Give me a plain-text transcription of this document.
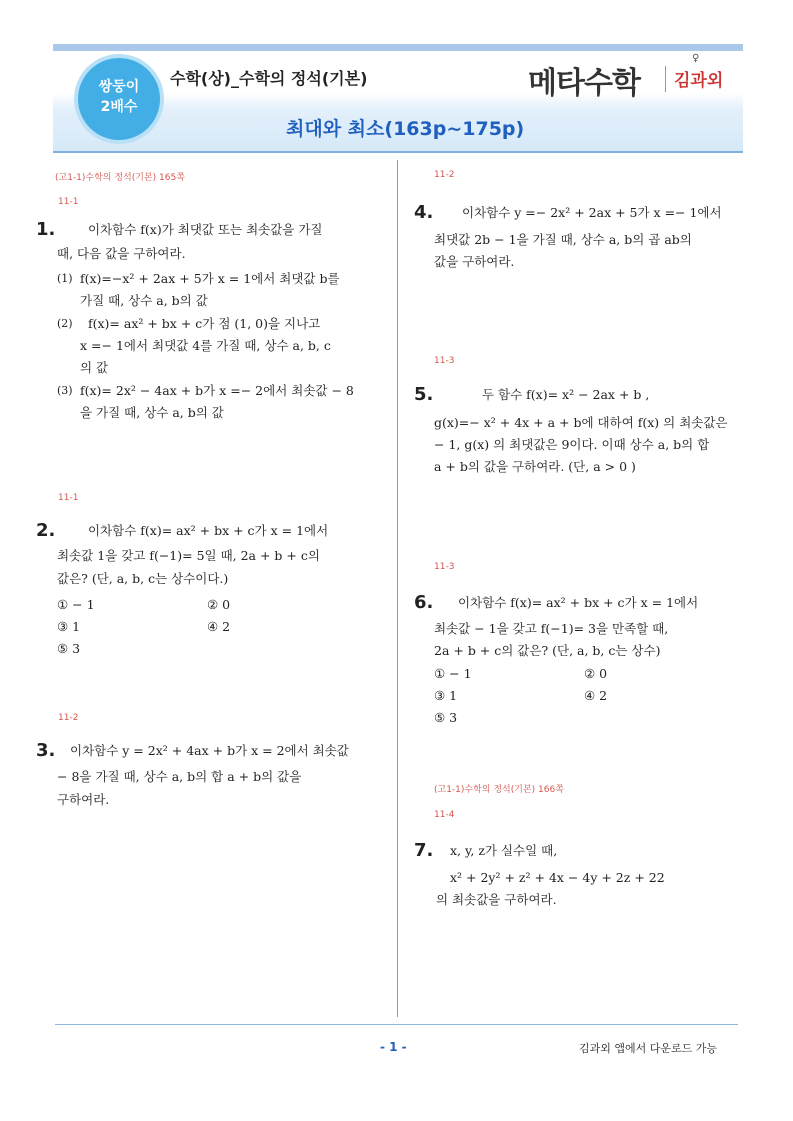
쌍둥이
2배수
수학(상)_수학의 정석(기본)	메타수학
♀
김과외
최대와 최소(163p~175p)
(고1-1)수학의 정석(기본) 165쪽
11-1
1.	이차함수 f(x)가 최댓값 또는 최솟값을 가질
때, 다음 값을 구하여라.
(1) f(x)=−x² + 2ax + 5가 x = 1에서 최댓값 b를
가질 때, 상수 a, b의 값
(2) f(x)= ax² + bx + c가 점 (1, 0)을 지나고
x =− 1에서 최댓값 4를 가질 때, 상수 a, b, c
의 값
(3) f(x)= 2x² − 4ax + b가 x =− 2에서 최솟값 − 8
을 가질 때, 상수 a, b의 값
11-1
2.	이차함수 f(x)= ax² + bx + c가 x = 1에서
최솟값 1을 갖고 f(−1)= 5일 때, 2a + b + c의
값은? (단, a, b, c는 상수이다.)
① − 1	② 0
③ 1	④ 2
⑤ 3
11-2
3. 이차함수 y = 2x² + 4ax + b가 x = 2에서 최솟값
− 8을 가질 때, 상수 a, b의 합 a + b의 값을
구하여라.
11-2
4. 이차함수 y =− 2x² + 2ax + 5가 x =− 1에서
최댓값 2b − 1을 가질 때, 상수 a, b의 곱 ab의
값을 구하여라.
11-3
5.	두 함수 f(x)= x² − 2ax + b ,
g(x)=− x² + 4x + a + b에 대하여 f(x) 의 최솟값은
− 1, g(x) 의 최댓값은 9이다. 이때 상수 a, b의 합
a + b의 값을 구하여라. (단, a > 0 )
11-3
6. 이차함수 f(x)= ax² + bx + c가 x = 1에서
최솟값 − 1을 갖고 f(−1)= 3을 만족할 때,
2a + b + c의 값은? (단, a, b, c는 상수)
① − 1	② 0
③ 1	④ 2
⑤ 3
(고1-1)수학의 정석(기본) 166쪽
11-4
7. x, y, z가 실수일 때,
x² + 2y² + z² + 4x − 4y + 2z + 22
의 최솟값을 구하여라.
- 1 -	김과외 앱에서 다운로드 가능
